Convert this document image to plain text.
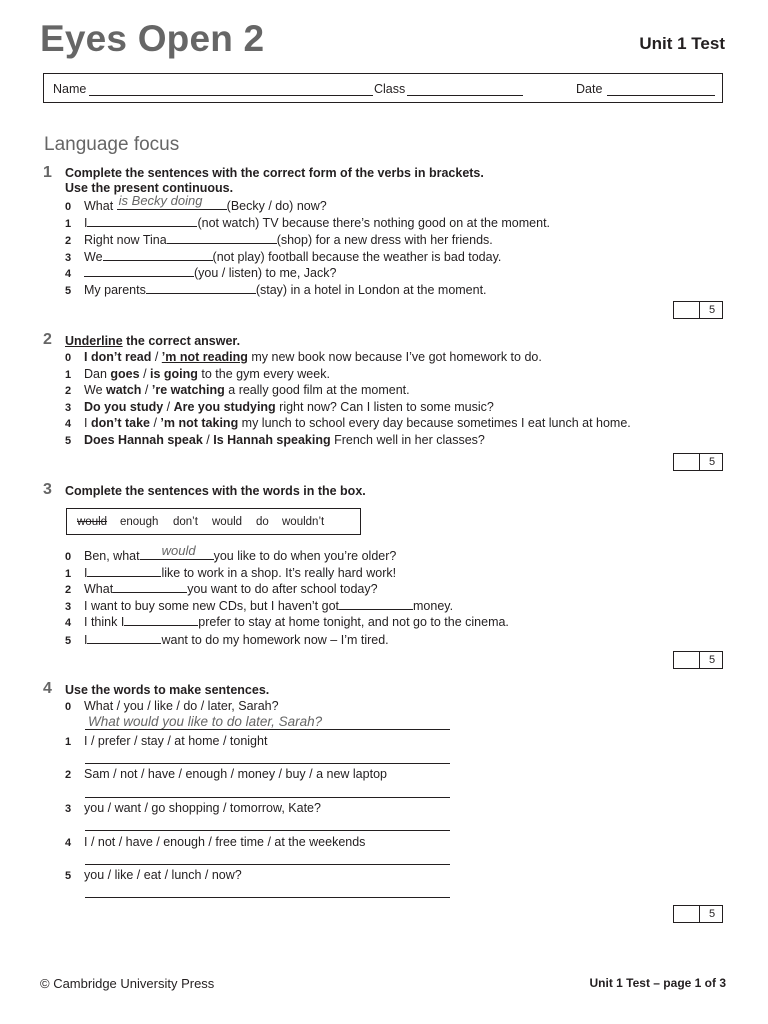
Eyes Open 2	Unit 1 Test
Name	Class	Date
Language focus
1 Complete the sentences with the correct form of the verbs in brackets.
Use the present continuous.
0 What is Becky doing (Becky / do) now?
1 I	(not watch) TV because there’s nothing good on at the moment.
2 Right now Tina	(shop) for a new dress with her friends.
3 We	(not play) football because the weather is bad today.
4	(you / listen) to me, Jack?
5 My parents	(stay) in a hotel in London at the moment.
5
2 Underline the correct answer.
0 I don’t read / ’m not reading my new book now because I’ve got homework to do.
1 Dan goes / is going to the gym every week.
2 We watch / ’re watching a really good film at the moment.
3 Do you study / Are you studying right now? Can I listen to some music?
4 I don’t take / ’m not taking my lunch to school every day because sometimes I eat lunch at home.
5 Does Hannah speak / Is Hannah speaking French well in her classes?
5
3 Complete the sentences with the words in the box.
would enough don’t would do wouldn’t
0 Ben, what would you like to do when you’re older?
1 I	like to work in a shop. It’s really hard work!
2 What	you want to do after school today?
3 I want to buy some new CDs, but I haven’t got	money.
4 I think I	prefer to stay at home tonight, and not go to the cinema.
5 I	want to do my homework now – I’m tired.
5
4 Use the words to make sentences.
0 What / you / like / do / later, Sarah?
What would you like to do later, Sarah?
1 I / prefer / stay / at home / tonight
2 Sam / not / have / enough / money / buy / a new laptop
3 you / want / go shopping / tomorrow, Kate?
4 I / not / have / enough / free time / at the weekends
5 you / like / eat / lunch / now?
5
© Cambridge University Press	Unit 1 Test – page 1 of 3
